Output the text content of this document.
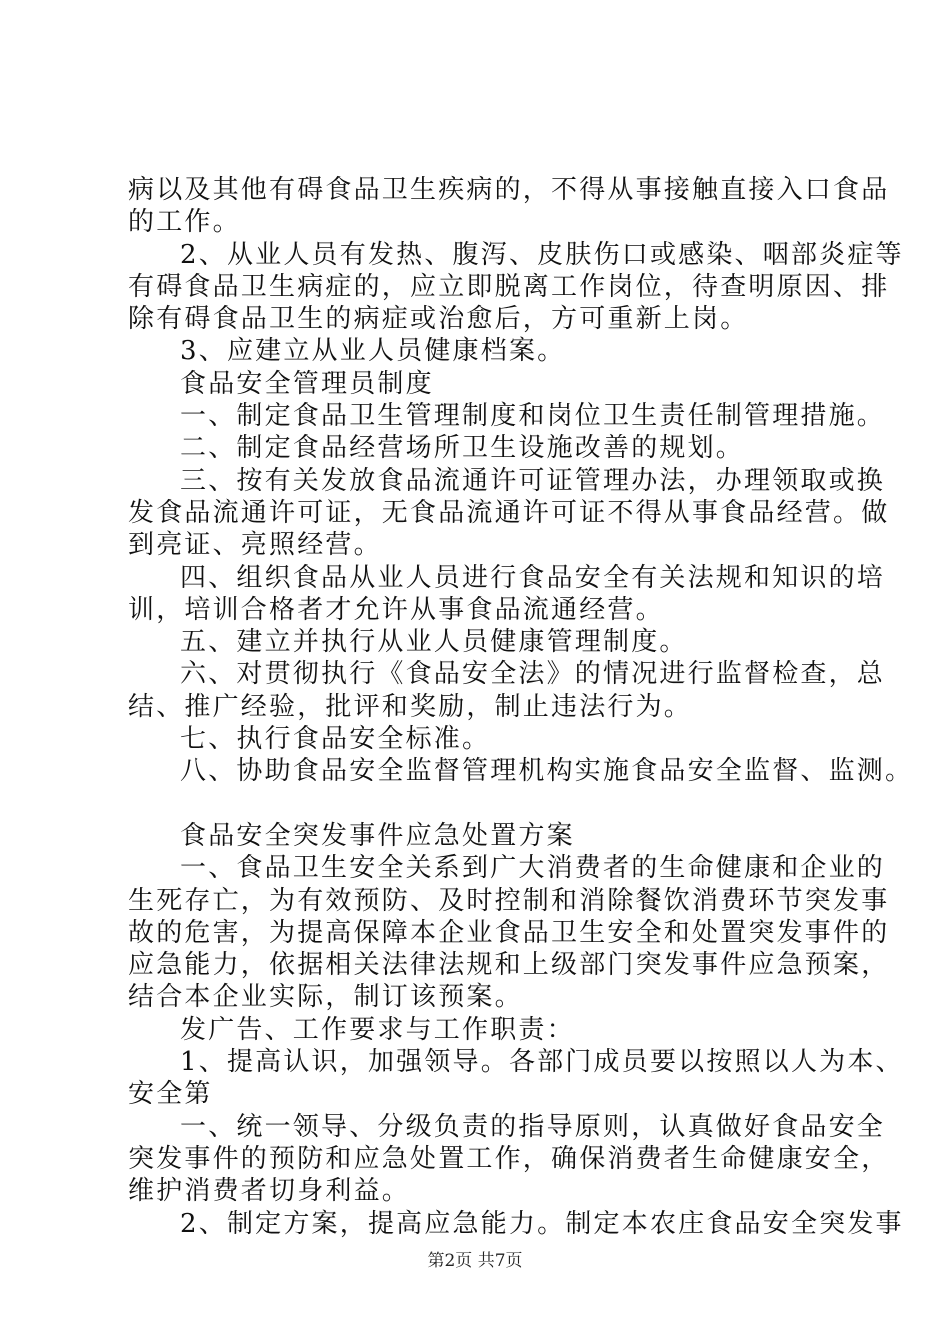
病以及其他有碍食品卫生疾病的，不得从事接触直接入口食品
的工作。
2、从业人员有发热、腹泻、皮肤伤口或感染、咽部炎症等
有碍食品卫生病症的，应立即脱离工作岗位，待查明原因、排
除有碍食品卫生的病症或治愈后，方可重新上岗。
3、应建立从业人员健康档案。
食品安全管理员制度
一、制定食品卫生管理制度和岗位卫生责任制管理措施。
二、制定食品经营场所卫生设施改善的规划。
三、按有关发放食品流通许可证管理办法，办理领取或换
发食品流通许可证，无食品流通许可证不得从事食品经营。做
到亮证、亮照经营。
四、组织食品从业人员进行食品安全有关法规和知识的培
训，培训合格者才允许从事食品流通经营。
五、建立并执行从业人员健康管理制度。
六、对贯彻执行《食品安全法》的情况进行监督检查，总
结、推广经验，批评和奖励，制止违法行为。
七、执行食品安全标准。
八、协助食品安全监督管理机构实施食品安全监督、监测。
食品安全突发事件应急处置方案
一、食品卫生安全关系到广大消费者的生命健康和企业的
生死存亡，为有效预防、及时控制和消除餐饮消费环节突发事
故的危害，为提高保障本企业食品卫生安全和处置突发事件的
应急能力，依据相关法律法规和上级部门突发事件应急预案，
结合本企业实际，制订该预案。
发广告、工作要求与工作职责：
1、提高认识，加强领导。各部门成员要以按照以人为本、
安全第
一、统一领导、分级负责的指导原则，认真做好食品安全
突发事件的预防和应急处置工作，确保消费者生命健康安全，
维护消费者切身利益。
2、制定方案，提高应急能力。制定本农庄食品安全突发事
第2页 共7页
